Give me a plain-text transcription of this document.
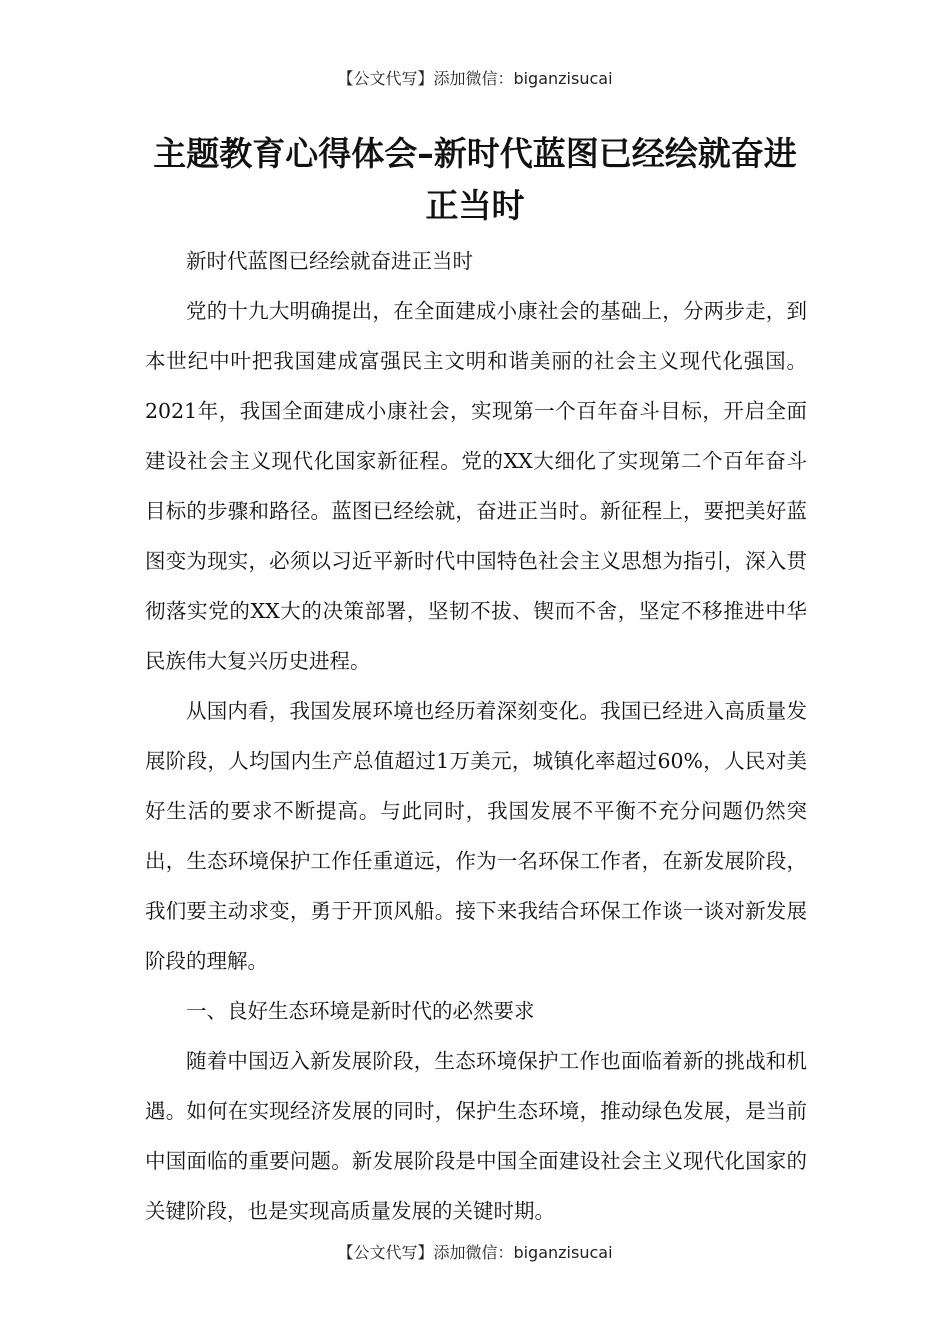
【公文代写】添加微信：biganzisucai
主题教育心得体会–新时代蓝图已经绘就奋进正当时

新时代蓝图已经绘就奋进正当时

党的十九大明确提出，在全面建成小康社会的基础上，分两步走，到本世纪中叶把我国建成富强民主文明和谐美丽的社会主义现代化强国。2021年，我国全面建成小康社会，实现第一个百年奋斗目标，开启全面建设社会主义现代化国家新征程。党的XX大细化了实现第二个百年奋斗目标的步骤和路径。蓝图已经绘就，奋进正当时。新征程上，要把美好蓝图变为现实，必须以习近平新时代中国特色社会主义思想为指引，深入贯彻落实党的XX大的决策部署，坚韧不拔、锲而不舍，坚定不移推进中华民族伟大复兴历史进程。

从国内看，我国发展环境也经历着深刻变化。我国已经进入高质量发展阶段，人均国内生产总值超过1万美元，城镇化率超过60%，人民对美好生活的要求不断提高。与此同时，我国发展不平衡不充分问题仍然突出，生态环境保护工作任重道远，作为一名环保工作者，在新发展阶段，我们要主动求变，勇于开顶风船。接下来我结合环保工作谈一谈对新发展阶段的理解。

一、良好生态环境是新时代的必然要求

随着中国迈入新发展阶段，生态环境保护工作也面临着新的挑战和机遇。如何在实现经济发展的同时，保护生态环境，推动绿色发展，是当前中国面临的重要问题。新发展阶段是中国全面建设社会主义现代化国家的关键阶段，也是实现高质量发展的关键时期。

【公文代写】添加微信：biganzisucai
